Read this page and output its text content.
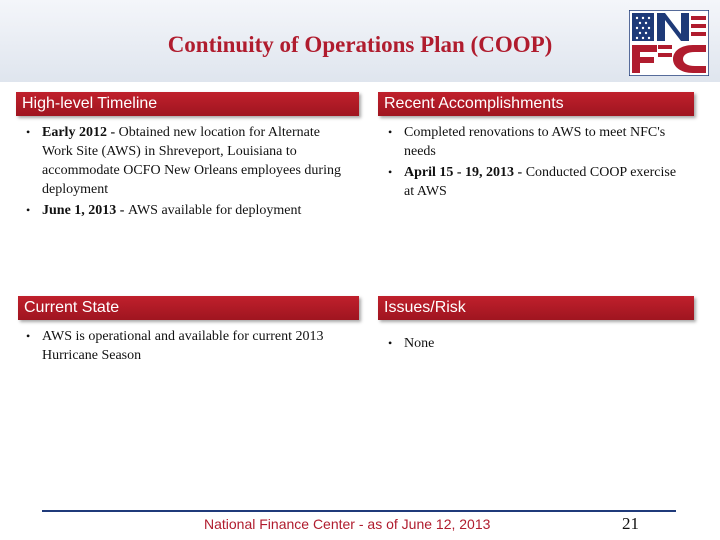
Continuity of Operations Plan (COOP)
High-level Timeline	Recent Accomplishments
Current State	Issues/Risk
• Early 2012 - Obtained new location for Alternate Work Site (AWS) in Shreveport, Louisiana to accommodate OCFO New Orleans employees during deployment
• June 1, 2013 - AWS available for deployment
• Completed renovations to AWS to meet NFC's needs
• April 15 - 19, 2013 - Conducted COOP exercise at AWS
• AWS is operational and available for current 2013 Hurricane Season
• None
National Finance Center - as of June 12, 2013	21
